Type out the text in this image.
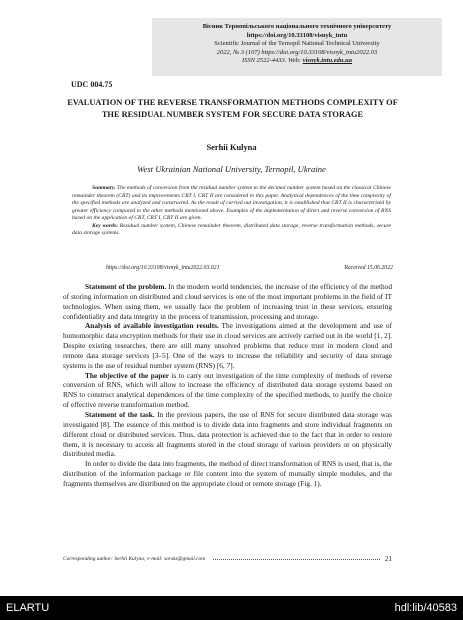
Вісник Тернопільського національного технічного університету
https://doi.org/10.33108/visnyk_tntu
Scientific Journal of the Ternopil National Technical University
2022, № 3 (107) https://doi.org/10.33108/visnyk_tntu2022.03
ISSN 2522-4433. Web: visnyk.tntu.edu.ua
UDC 004.75
EVALUATION OF THE REVERSE TRANSFORMATION METHODS COMPLEXITY OF THE RESIDUAL NUMBER SYSTEM FOR SECURE DATA STORAGE
Serhii Kulyna
West Ukrainian National University, Ternopil, Ukraine

Summary. The methods of conversion from the residual number system to the decimal number system based on the classical Chinese remainder theorem (CRT) and its improvements CRT I, CRT II are considered in this paper. Analytical dependences of the time complexity of the specified methods are analyzed and constructed. As the result of carried out investigation, it is established that CRT II is characterized by greater efficiency compared to the other methods mentioned above. Examples of the implementation of direct and reverse conversion of RNS based on the application of CRT, CRT I, CRT II are given.

Key words: Residual number system, Chinese remainder theorem, distributed data storage, reverse transformation methods, secure data storage systems.

https://doi.org/10.33108/visnyk_tntu2022.03.021	Received 15.06.2022

Statement of the problem. In the modern world tendencies, the increase of the efficiency of the method of storing information on distributed and cloud services is one of the most important problems in the field of IT technologies. When using them, we usually face the problem of increasing trust in these services, ensuring confidentiality and data integrity in the process of transmission, processing and storage.

Analysis of available investigation results. The investigations aimed at the development and use of homomorphic data encryption methods for their use in cloud services are actively carried out in the world [1, 2]. Despite existing researches, there are still many unsolved problems that reduce trust in modern cloud and remote data storage services [3–5]. One of the ways to increase the reliability and security of data storage systems is the use of residual number system (RNS) [6, 7].

The objective of the paper is to carry out investigation of the time complexity of methods of reverse conversion of RNS, which will allow to increase the efficiency of distributed data storage systems based on RNS to construct analytical dependences of the time complexity of the specified methods, to justify the choice of effective reverse transformation method.

Statement of the task. In the previous papers, the use of RNS for secure distributed data storage was investigated [8]. The essence of this method is to divide data into fragments and store individual fragments on different cloud or distributed services. Thus, data protection is achieved due to the fact that in order to restore them, it is necessary to access all fragments stored in the cloud storage of various providers or on physically distributed media.

In order to divide the data into fragments, the method of direct transformation of RNS is used, that is, the distribution of the information package or file content into the system of mutually simple modules, and the fragments themselves are distributed on the appropriate cloud or remote storage (Fig. 1).

Corresponding author: Serhii Kulyna; e-mail: sorskz@gmail.com	21
ELARTU	hdl:lib/40583
